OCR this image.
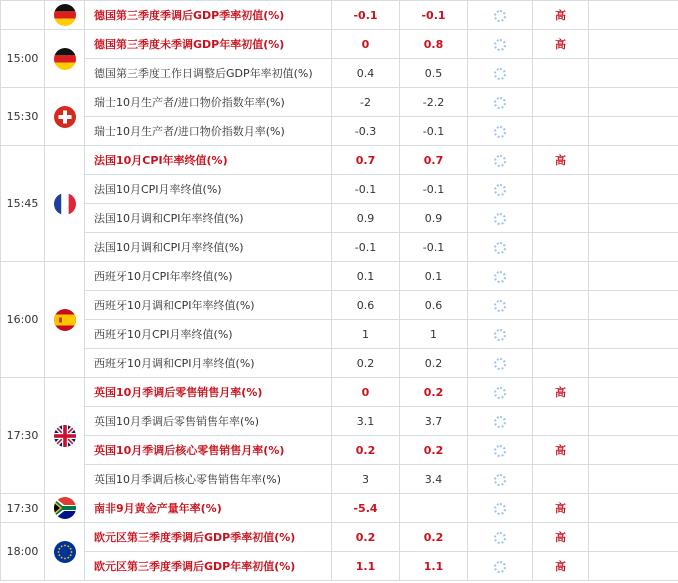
	德国第三季度季调后GDP季率初值(%)	-0.1	-0.1		高	
15:00		德国第三季度未季调GDP年率初值(%)	0	0.8		高	
		德国第三季度工作日调整后GDP年率初值(%)	0.4	0.5			
15:30		瑞士10月生产者/进口物价指数年率(%)	-2	-2.2			
		瑞士10月生产者/进口物价指数月率(%)	-0.3	-0.1			
15:45		法国10月CPI年率终值(%)	0.7	0.7		高	
		法国10月CPI月率终值(%)	-0.1	-0.1			
		法国10月调和CPI年率终值(%)	0.9	0.9			
		法国10月调和CPI月率终值(%)	-0.1	-0.1			
16:00		西班牙10月CPI年率终值(%)	0.1	0.1			
		西班牙10月调和CPI年率终值(%)	0.6	0.6			
		西班牙10月CPI月率终值(%)	1	1			
		西班牙10月调和CPI月率终值(%)	0.2	0.2			
17:30		英国10月季调后零售销售月率(%)	0	0.2		高	
		英国10月季调后零售销售年率(%)	3.1	3.7			
		英国10月季调后核心零售销售月率(%)	0.2	0.2		高	
		英国10月季调后核心零售销售年率(%)	3	3.4			
17:30		南非9月黄金产量年率(%)	-5.4			高	
18:00		欧元区第三季度季调后GDP季率初值(%)	0.2	0.2		高	
		欧元区第三季度季调后GDP年率初值(%)	1.1	1.1		高	
